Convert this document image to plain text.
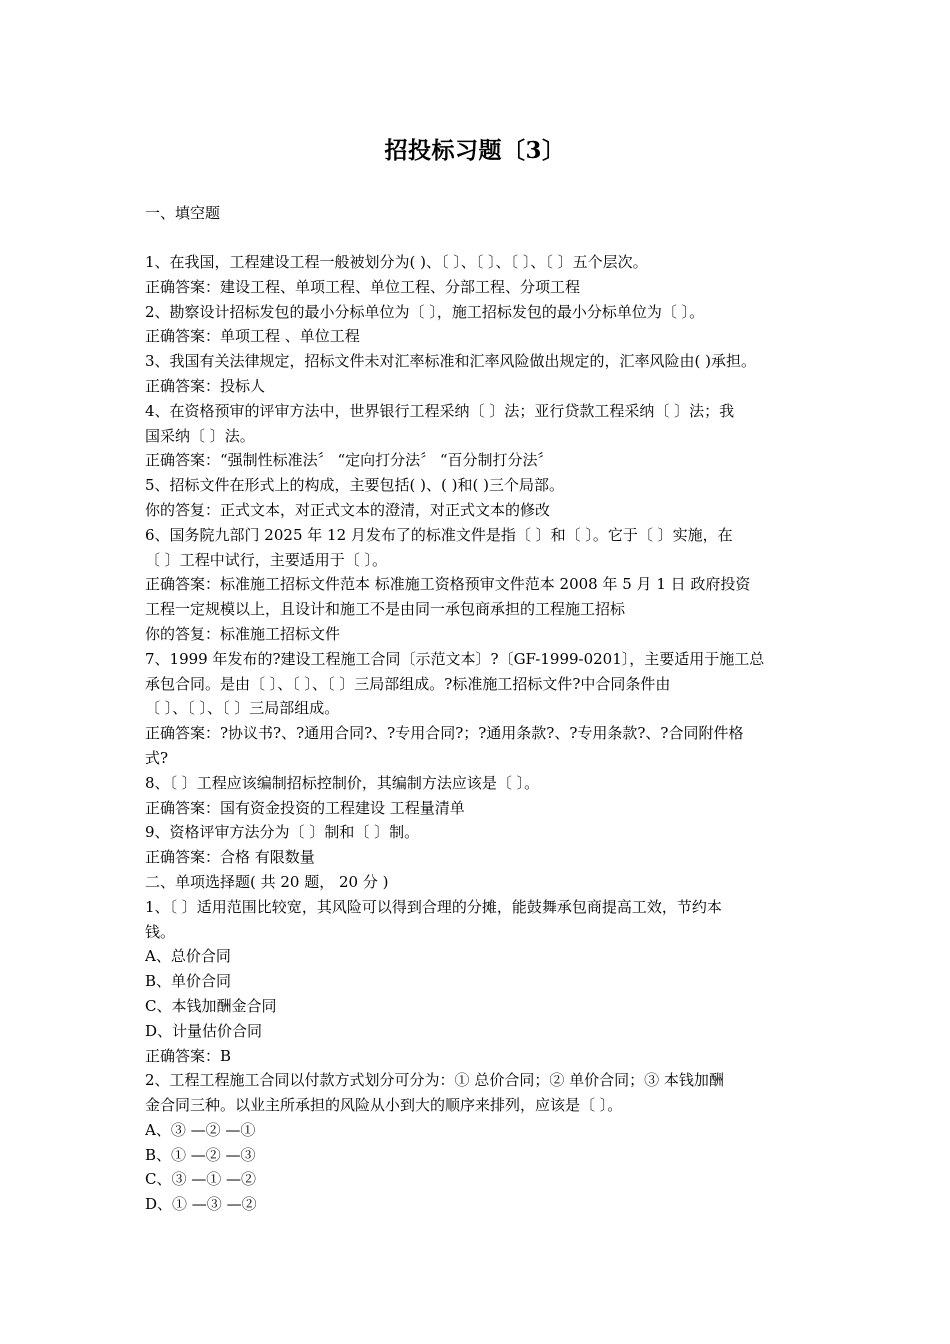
招投标习题〔3〕
一、填空题
1、在我国，工程建设工程一般被划分为( )、〔 〕、〔 〕、〔 〕、〔 〕五个层次。
正确答案：建设工程、单项工程、单位工程、分部工程、分项工程
2、勘察设计招标发包的最小分标单位为〔 〕，施工招标发包的最小分标单位为〔 〕。
正确答案：单项工程 、单位工程
3、我国有关法律规定，招标文件未对汇率标准和汇率风险做出规定的，汇率风险由( )承担。
正确答案：投标人
4、在资格预审的评审方法中，世界银行工程采纳〔 〕法；亚行贷款工程采纳〔 〕法；我
国采纳〔 〕法。
正确答案：“强制性标准法〞 “定向打分法〞 “百分制打分法〞
5、招标文件在形式上的构成，主要包括( )、( )和( )三个局部。
你的答复：正式文本，对正式文本的澄清，对正式文本的修改
6、国务院九部门 2025 年 12 月发布了的标准文件是指〔 〕和〔 〕。它于〔 〕实施，在
〔 〕工程中试行，主要适用于〔 〕。
正确答案：标准施工招标文件范本 标准施工资格预审文件范本 2008 年 5 月 1 日 政府投资
工程一定规模以上，且设计和施工不是由同一承包商承担的工程施工招标
你的答复：标准施工招标文件
7、1999 年发布的?建设工程施工合同〔示范文本〕?〔GF-1999-0201〕，主要适用于施工总
承包合同。是由〔 〕、〔 〕、〔 〕三局部组成。?标准施工招标文件?中合同条件由
〔 〕、〔 〕、〔 〕三局部组成。
正确答案：?协议书?、?通用合同?、?专用合同?；?通用条款?、?专用条款?、?合同附件格
式?
8、〔 〕工程应该编制招标控制价，其编制方法应该是〔 〕。
正确答案：国有资金投资的工程建设 工程量清单
9、资格评审方法分为〔 〕制和〔 〕制。
正确答案：合格 有限数量
二、单项选择题( 共 20 题， 20 分 )
1、〔 〕适用范围比较宽，其风险可以得到合理的分摊，能鼓舞承包商提高工效，节约本
钱。
A、总价合同
B、单价合同
C、本钱加酬金合同
D、计量估价合同
正确答案：B
2、工程工程施工合同以付款方式划分可分为：① 总价合同；② 单价合同；③ 本钱加酬
金合同三种。以业主所承担的风险从小到大的顺序来排列，应该是〔 〕。
A、③ —② —①
B、① —② —③
C、③ —① —②
D、① —③ —②
